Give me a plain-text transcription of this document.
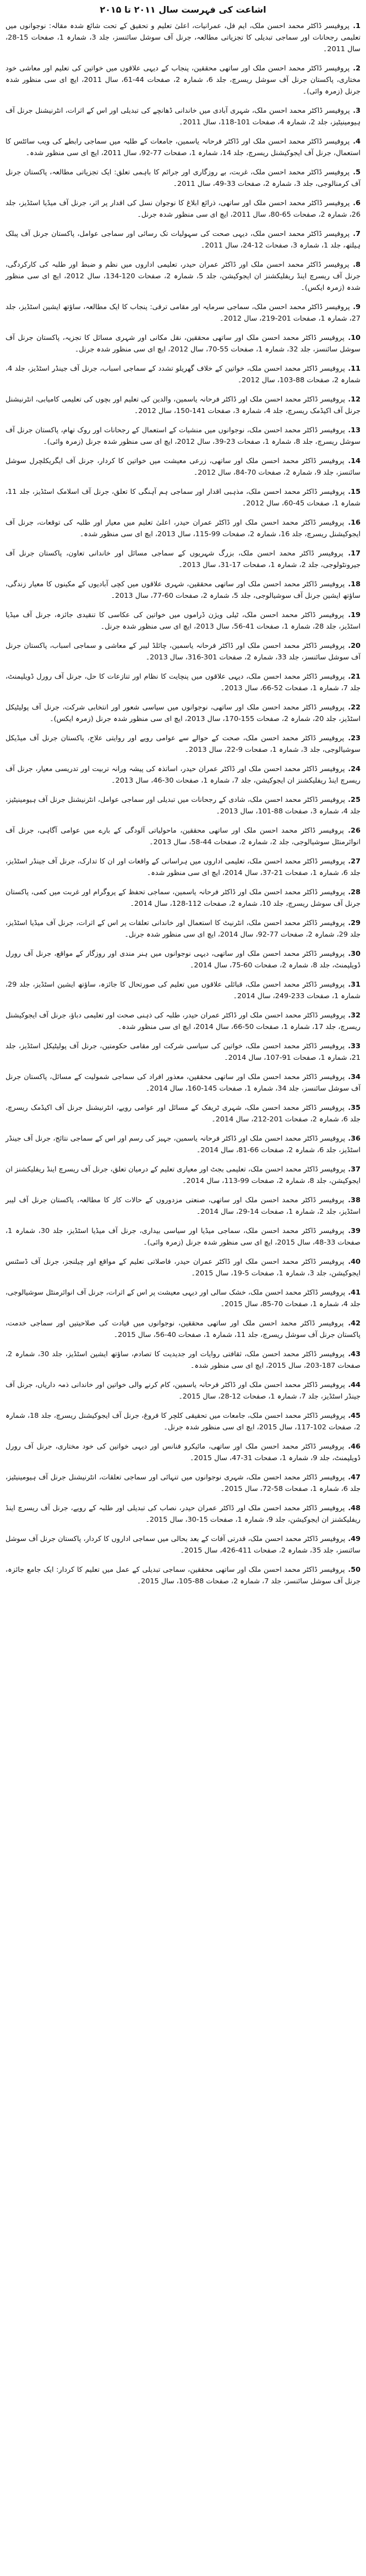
اشاعت کی فہرست سال ۲۰۱۱ تا ۲۰۱۵
1. پروفیسر ڈاکٹر محمد احسن ملک، ایم فل، عمرانیات، اعلیٰ تعلیم و تحقیق کے تحت شائع شدہ مقالہ: نوجوانوں میں تعلیمی رجحانات اور سماجی تبدیلی کا تجزیاتی مطالعہ، جرنل آف سوشل سائنسز، جلد 3، شمارہ 1، صفحات 15-28، سال 2011۔
2. پروفیسر ڈاکٹر محمد احسن ملک اور ساتھی محققین، پنجاب کے دیہی علاقوں میں خواتین کی تعلیم اور معاشی خود مختاری، پاکستان جرنل آف سوشل ریسرچ، جلد 6، شمارہ 2، صفحات 44-61، سال 2011، ایچ ای سی منظور شدہ جرنل (زمرہ وائی)۔
3. پروفیسر ڈاکٹر محمد احسن ملک، شہری آبادی میں خاندانی ڈھانچے کی تبدیلی اور اس کے اثرات، انٹرنیشنل جرنل آف ہیومینیٹیز، جلد 2، شمارہ 4، صفحات 101-118، سال 2011۔
4. پروفیسر ڈاکٹر محمد احسن ملک اور ڈاکٹر فرحانہ یاسمین، جامعات کے طلبہ میں سماجی رابطے کی ویب سائٹس کا استعمال، جرنل آف ایجوکیشنل ریسرچ، جلد 14، شمارہ 1، صفحات 77-92، سال 2011، ایچ ای سی منظور شدہ۔
5. پروفیسر ڈاکٹر محمد احسن ملک، غربت، بے روزگاری اور جرائم کا باہمی تعلق: ایک تجزیاتی مطالعہ، پاکستان جرنل آف کرمنالوجی، جلد 3، شمارہ 2، صفحات 33-49، سال 2011۔
6. پروفیسر ڈاکٹر محمد احسن ملک اور ساتھی، ذرائع ابلاغ کا نوجوان نسل کی اقدار پر اثر، جرنل آف میڈیا اسٹڈیز، جلد 26، شمارہ 2، صفحات 65-80، سال 2011، ایچ ای سی منظور شدہ جرنل۔
7. پروفیسر ڈاکٹر محمد احسن ملک، دیہی صحت کی سہولیات تک رسائی اور سماجی عوامل، پاکستان جرنل آف پبلک ہیلتھ، جلد 1، شمارہ 3، صفحات 12-24، سال 2011۔
8. پروفیسر ڈاکٹر محمد احسن ملک اور ڈاکٹر عمران حیدر، تعلیمی اداروں میں نظم و ضبط اور طلبہ کی کارکردگی، جرنل آف ریسرچ اینڈ ریفلیکشنز ان ایجوکیشن، جلد 5، شمارہ 2، صفحات 120-134، سال 2012، ایچ ای سی منظور شدہ (زمرہ ایکس)۔
9. پروفیسر ڈاکٹر محمد احسن ملک، سماجی سرمایہ اور مقامی ترقی: پنجاب کا ایک مطالعہ، ساؤتھ ایشین اسٹڈیز، جلد 27، شمارہ 1، صفحات 201-219، سال 2012۔
10. پروفیسر ڈاکٹر محمد احسن ملک اور ساتھی محققین، نقل مکانی اور شہری مسائل کا تجزیہ، پاکستان جرنل آف سوشل سائنسز، جلد 32، شمارہ 1، صفحات 55-70، سال 2012، ایچ ای سی منظور شدہ جرنل۔
11. پروفیسر ڈاکٹر محمد احسن ملک، خواتین کے خلاف گھریلو تشدد کے سماجی اسباب، جرنل آف جینڈر اسٹڈیز، جلد 4، شمارہ 2، صفحات 88-103، سال 2012۔
12. پروفیسر ڈاکٹر محمد احسن ملک اور ڈاکٹر فرحانہ یاسمین، والدین کی تعلیم اور بچوں کی تعلیمی کامیابی، انٹرنیشنل جرنل آف اکیڈمک ریسرچ، جلد 4، شمارہ 3، صفحات 141-150، سال 2012۔
13. پروفیسر ڈاکٹر محمد احسن ملک، نوجوانوں میں منشیات کے استعمال کے رجحانات اور روک تھام، پاکستان جرنل آف سوشل ریسرچ، جلد 8، شمارہ 1، صفحات 23-39، سال 2012، ایچ ای سی منظور شدہ جرنل (زمرہ وائی)۔
14. پروفیسر ڈاکٹر محمد احسن ملک اور ساتھی، زرعی معیشت میں خواتین کا کردار، جرنل آف ایگریکلچرل سوشل سائنسز، جلد 9، شمارہ 2، صفحات 70-84، سال 2012۔
15. پروفیسر ڈاکٹر محمد احسن ملک، مذہبی اقدار اور سماجی ہم آہنگی کا تعلق، جرنل آف اسلامک اسٹڈیز، جلد 11، شمارہ 1، صفحات 45-60، سال 2012۔
16. پروفیسر ڈاکٹر محمد احسن ملک اور ڈاکٹر عمران حیدر، اعلیٰ تعلیم میں معیار اور طلبہ کی توقعات، جرنل آف ایجوکیشنل ریسرچ، جلد 16، شمارہ 2، صفحات 99-115، سال 2013، ایچ ای سی منظور شدہ۔
17. پروفیسر ڈاکٹر محمد احسن ملک، بزرگ شہریوں کے سماجی مسائل اور خاندانی تعاون، پاکستان جرنل آف جیرونٹولوجی، جلد 2، شمارہ 1، صفحات 17-31، سال 2013۔
18. پروفیسر ڈاکٹر محمد احسن ملک اور ساتھی محققین، شہری علاقوں میں کچی آبادیوں کے مکینوں کا معیار زندگی، ساؤتھ ایشین جرنل آف سوشیالوجی، جلد 5، شمارہ 2، صفحات 60-77، سال 2013۔
19. پروفیسر ڈاکٹر محمد احسن ملک، ٹیلی ویژن ڈراموں میں خواتین کی عکاسی کا تنقیدی جائزہ، جرنل آف میڈیا اسٹڈیز، جلد 28، شمارہ 1، صفحات 41-56، سال 2013، ایچ ای سی منظور شدہ جرنل۔
20. پروفیسر ڈاکٹر محمد احسن ملک اور ڈاکٹر فرحانہ یاسمین، چائلڈ لیبر کے معاشی و سماجی اسباب، پاکستان جرنل آف سوشل سائنسز، جلد 33، شمارہ 2، صفحات 301-316، سال 2013۔
21. پروفیسر ڈاکٹر محمد احسن ملک، دیہی علاقوں میں پنچایت کا نظام اور تنازعات کا حل، جرنل آف رورل ڈویلپمنٹ، جلد 7، شمارہ 1، صفحات 52-66، سال 2013۔
22. پروفیسر ڈاکٹر محمد احسن ملک اور ساتھی، نوجوانوں میں سیاسی شعور اور انتخابی شرکت، جرنل آف پولیٹیکل اسٹڈیز، جلد 20، شمارہ 2، صفحات 155-170، سال 2013، ایچ ای سی منظور شدہ جرنل (زمرہ ایکس)۔
23. پروفیسر ڈاکٹر محمد احسن ملک، صحت کے حوالے سے عوامی رویے اور روایتی علاج، پاکستان جرنل آف میڈیکل سوشیالوجی، جلد 3، شمارہ 1، صفحات 9-22، سال 2013۔
24. پروفیسر ڈاکٹر محمد احسن ملک اور ڈاکٹر عمران حیدر، اساتذہ کی پیشہ ورانہ تربیت اور تدریسی معیار، جرنل آف ریسرچ اینڈ ریفلیکشنز ان ایجوکیشن، جلد 7، شمارہ 1، صفحات 30-46، سال 2013۔
25. پروفیسر ڈاکٹر محمد احسن ملک، شادی کے رجحانات میں تبدیلی اور سماجی عوامل، انٹرنیشنل جرنل آف ہیومینیٹیز، جلد 4، شمارہ 3، صفحات 88-101، سال 2013۔
26. پروفیسر ڈاکٹر محمد احسن ملک اور ساتھی محققین، ماحولیاتی آلودگی کے بارے میں عوامی آگاہی، جرنل آف انوائرمنٹل سوشیالوجی، جلد 2، شمارہ 2، صفحات 44-58، سال 2013۔
27. پروفیسر ڈاکٹر محمد احسن ملک، تعلیمی اداروں میں ہراسانی کے واقعات اور ان کا تدارک، جرنل آف جینڈر اسٹڈیز، جلد 6، شمارہ 1، صفحات 21-37، سال 2014، ایچ ای سی منظور شدہ۔
28. پروفیسر ڈاکٹر محمد احسن ملک اور ڈاکٹر فرحانہ یاسمین، سماجی تحفظ کے پروگرام اور غربت میں کمی، پاکستان جرنل آف سوشل ریسرچ، جلد 10، شمارہ 2، صفحات 112-128، سال 2014۔
29. پروفیسر ڈاکٹر محمد احسن ملک، انٹرنیٹ کا استعمال اور خاندانی تعلقات پر اس کے اثرات، جرنل آف میڈیا اسٹڈیز، جلد 29، شمارہ 2، صفحات 77-92، سال 2014، ایچ ای سی منظور شدہ جرنل۔
30. پروفیسر ڈاکٹر محمد احسن ملک اور ساتھی، دیہی نوجوانوں میں ہنر مندی اور روزگار کے مواقع، جرنل آف رورل ڈویلپمنٹ، جلد 8، شمارہ 2، صفحات 60-75، سال 2014۔
31. پروفیسر ڈاکٹر محمد احسن ملک، قبائلی علاقوں میں تعلیم کی صورتحال کا جائزہ، ساؤتھ ایشین اسٹڈیز، جلد 29، شمارہ 1، صفحات 233-249، سال 2014۔
32. پروفیسر ڈاکٹر محمد احسن ملک اور ڈاکٹر عمران حیدر، طلبہ کی ذہنی صحت اور تعلیمی دباؤ، جرنل آف ایجوکیشنل ریسرچ، جلد 17، شمارہ 1، صفحات 50-66، سال 2014، ایچ ای سی منظور شدہ۔
33. پروفیسر ڈاکٹر محمد احسن ملک، خواتین کی سیاسی شرکت اور مقامی حکومتیں، جرنل آف پولیٹیکل اسٹڈیز، جلد 21، شمارہ 1، صفحات 91-107، سال 2014۔
34. پروفیسر ڈاکٹر محمد احسن ملک اور ساتھی محققین، معذور افراد کی سماجی شمولیت کے مسائل، پاکستان جرنل آف سوشل سائنسز، جلد 34، شمارہ 1، صفحات 145-160، سال 2014۔
35. پروفیسر ڈاکٹر محمد احسن ملک، شہری ٹریفک کے مسائل اور عوامی رویے، انٹرنیشنل جرنل آف اکیڈمک ریسرچ، جلد 6، شمارہ 2، صفحات 201-212، سال 2014۔
36. پروفیسر ڈاکٹر محمد احسن ملک اور ڈاکٹر فرحانہ یاسمین، جہیز کی رسم اور اس کے سماجی نتائج، جرنل آف جینڈر اسٹڈیز، جلد 6، شمارہ 2، صفحات 66-81، سال 2014۔
37. پروفیسر ڈاکٹر محمد احسن ملک، تعلیمی بجٹ اور معیاری تعلیم کے درمیان تعلق، جرنل آف ریسرچ اینڈ ریفلیکشنز ان ایجوکیشن، جلد 8، شمارہ 2، صفحات 99-113، سال 2014۔
38. پروفیسر ڈاکٹر محمد احسن ملک اور ساتھی، صنعتی مزدوروں کے حالات کار کا مطالعہ، پاکستان جرنل آف لیبر اسٹڈیز، جلد 2، شمارہ 1، صفحات 14-29، سال 2014۔
39. پروفیسر ڈاکٹر محمد احسن ملک، سماجی میڈیا اور سیاسی بیداری، جرنل آف میڈیا اسٹڈیز، جلد 30، شمارہ 1، صفحات 33-48، سال 2015، ایچ ای سی منظور شدہ جرنل (زمرہ وائی)۔
40. پروفیسر ڈاکٹر محمد احسن ملک اور ڈاکٹر عمران حیدر، فاصلاتی تعلیم کے مواقع اور چیلنجز، جرنل آف ڈسٹنس ایجوکیشن، جلد 3، شمارہ 1، صفحات 5-19، سال 2015۔
41. پروفیسر ڈاکٹر محمد احسن ملک، خشک سالی اور دیہی معیشت پر اس کے اثرات، جرنل آف انوائرمنٹل سوشیالوجی، جلد 4، شمارہ 1، صفحات 70-85، سال 2015۔
42. پروفیسر ڈاکٹر محمد احسن ملک اور ساتھی محققین، نوجوانوں میں قیادت کی صلاحیتیں اور سماجی خدمت، پاکستان جرنل آف سوشل ریسرچ، جلد 11، شمارہ 1، صفحات 40-56، سال 2015۔
43. پروفیسر ڈاکٹر محمد احسن ملک، ثقافتی روایات اور جدیدیت کا تصادم، ساؤتھ ایشین اسٹڈیز، جلد 30، شمارہ 2، صفحات 187-203، سال 2015، ایچ ای سی منظور شدہ۔
44. پروفیسر ڈاکٹر محمد احسن ملک اور ڈاکٹر فرحانہ یاسمین، کام کرنے والی خواتین اور خاندانی ذمہ داریاں، جرنل آف جینڈر اسٹڈیز، جلد 7، شمارہ 1، صفحات 12-28، سال 2015۔
45. پروفیسر ڈاکٹر محمد احسن ملک، جامعات میں تحقیقی کلچر کا فروغ، جرنل آف ایجوکیشنل ریسرچ، جلد 18، شمارہ 2، صفحات 102-117، سال 2015، ایچ ای سی منظور شدہ جرنل۔
46. پروفیسر ڈاکٹر محمد احسن ملک اور ساتھی، مائیکرو فنانس اور دیہی خواتین کی خود مختاری، جرنل آف رورل ڈویلپمنٹ، جلد 9، شمارہ 1، صفحات 31-47، سال 2015۔
47. پروفیسر ڈاکٹر محمد احسن ملک، شہری نوجوانوں میں تنہائی اور سماجی تعلقات، انٹرنیشنل جرنل آف ہیومینیٹیز، جلد 6، شمارہ 1، صفحات 58-72، سال 2015۔
48. پروفیسر ڈاکٹر محمد احسن ملک اور ڈاکٹر عمران حیدر، نصاب کی تبدیلی اور طلبہ کے رویے، جرنل آف ریسرچ اینڈ ریفلیکشنز ان ایجوکیشن، جلد 9، شمارہ 1، صفحات 15-30، سال 2015۔
49. پروفیسر ڈاکٹر محمد احسن ملک، قدرتی آفات کے بعد بحالی میں سماجی اداروں کا کردار، پاکستان جرنل آف سوشل سائنسز، جلد 35، شمارہ 2، صفحات 411-426، سال 2015۔
50. پروفیسر ڈاکٹر محمد احسن ملک اور ساتھی محققین، سماجی تبدیلی کے عمل میں تعلیم کا کردار: ایک جامع جائزہ، جرنل آف سوشل سائنسز، جلد 7، شمارہ 2، صفحات 88-105، سال 2015۔
